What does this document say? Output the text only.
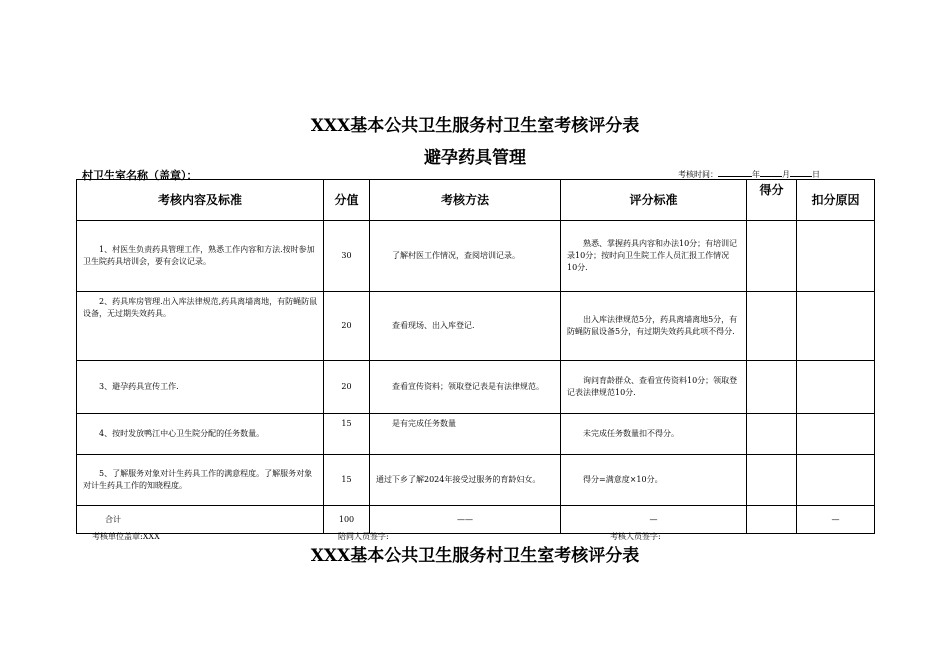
XXX基本公共卫生服务村卫生室考核评分表
避孕药具管理
村卫生室名称（盖章）：	考核时间：	年	月	日
考核内容及标准	分值	考核方法	评分标准	得分	扣分原因

1、村医生负责药具管理工作，熟悉工作内容和方法.按时参加卫生院药具培训会，要有会议记录。	30	了解村医工作情况，查阅培训记录。	熟悉、掌握药具内容和办法10分；有培训记录10分；按时向卫生院工作人员汇报工作情况10分.		

2、药具库房管理.出入库法律规范,药具离墙离地，有防蝇防鼠设备，无过期失效药具。	20	查看现场、出入库登记.	出入库法律规范5分，药具离墙离地5分，有防蝇防鼠设备5分，有过期失效药具此项不得分.		

3、避孕药具宣传工作.	20	查看宣传资料；领取登记表是有法律规范。	询问育龄群众、查看宣传资料10分；领取登记表法律规范10分.		

4、按时发放鸭江中心卫生院分配的任务数量。	15	是有完成任务数量	未完成任务数量扣不得分。		

5、了解服务对象对计生药具工作的满意程度。了解服务对象对计生药具工作的知晓程度。	15	通过下乡了解2024年接受过服务的育龄妇女。	得分=满意度×10分。		

合计	100	——	—		—
考核单位盖章:XXX	陪同人员签字:	考核人员签字:
XXX基本公共卫生服务村卫生室考核评分表
